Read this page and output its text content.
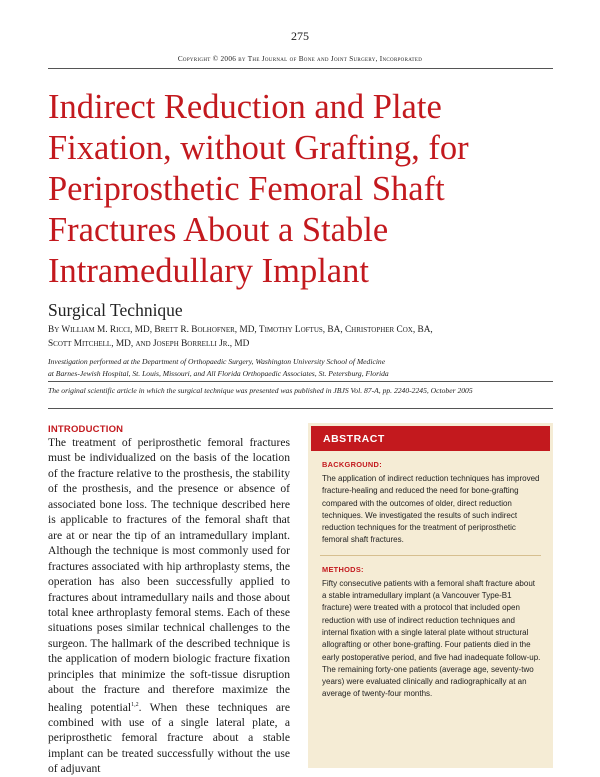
275
Copyright © 2006 by The Journal of Bone and Joint Surgery, Incorporated
Indirect Reduction and Plate Fixation, without Grafting, for Periprosthetic Femoral Shaft Fractures About a Stable Intramedullary Implant
Surgical Technique
By William M. Ricci, MD, Brett R. Bolhofner, MD, Timothy Loftus, BA, Christopher Cox, BA,
Scott Mitchell, MD, and Joseph Borrelli Jr., MD
Investigation performed at the Department of Orthopaedic Surgery, Washington University School of Medicine
at Barnes-Jewish Hospital, St. Louis, Missouri, and All Florida Orthopaedic Associates, St. Petersburg, Florida
The original scientific article in which the surgical technique was presented was published in JBJS Vol. 87-A, pp. 2240-2245, October 2005
INTRODUCTION
The treatment of periprosthetic femoral fractures must be individualized on the basis of the location of the fracture relative to the prosthesis, the stability of the prosthesis, and the presence or absence of associated bone loss. The technique described here is applicable to fractures of the femoral shaft that are at or near the tip of an intramedullary implant. Although the technique is most commonly used for fractures associated with hip arthroplasty stems, the operation has also been successfully applied to fractures about intramedullary nails and those about total knee arthroplasty femoral stems. Each of these situations poses similar technical challenges to the surgeon. The hallmark of the described technique is the application of modern biologic fracture fixation principles that minimize the soft-tissue disruption about the fracture and therefore maximize the healing potential$^{1,2}$. When these techniques are combined with use of a single lateral plate, a periprosthetic femoral fracture about a stable implant can be treated successfully without the use of adjuvant
ABSTRACT
BACKGROUND:
The application of indirect reduction techniques has improved fracture-healing and reduced the need for bone-grafting compared with the outcomes of older, direct reduction techniques. We investigated the results of such indirect reduction techniques for the treatment of periprosthetic femoral shaft fractures.
METHODS:
Fifty consecutive patients with a femoral shaft fracture about a stable intramedullary implant (a Vancouver Type-B1 fracture) were treated with a protocol that included open reduction with use of indirect reduction techniques and internal fixation with a single lateral plate without structural allografting or other bone-grafting. Four patients died in the early postoperative period, and five had inadequate follow-up. The remaining forty-one patients (average age, seventy-two years) were evaluated clinically and radiographically at an average of twenty-four months.
